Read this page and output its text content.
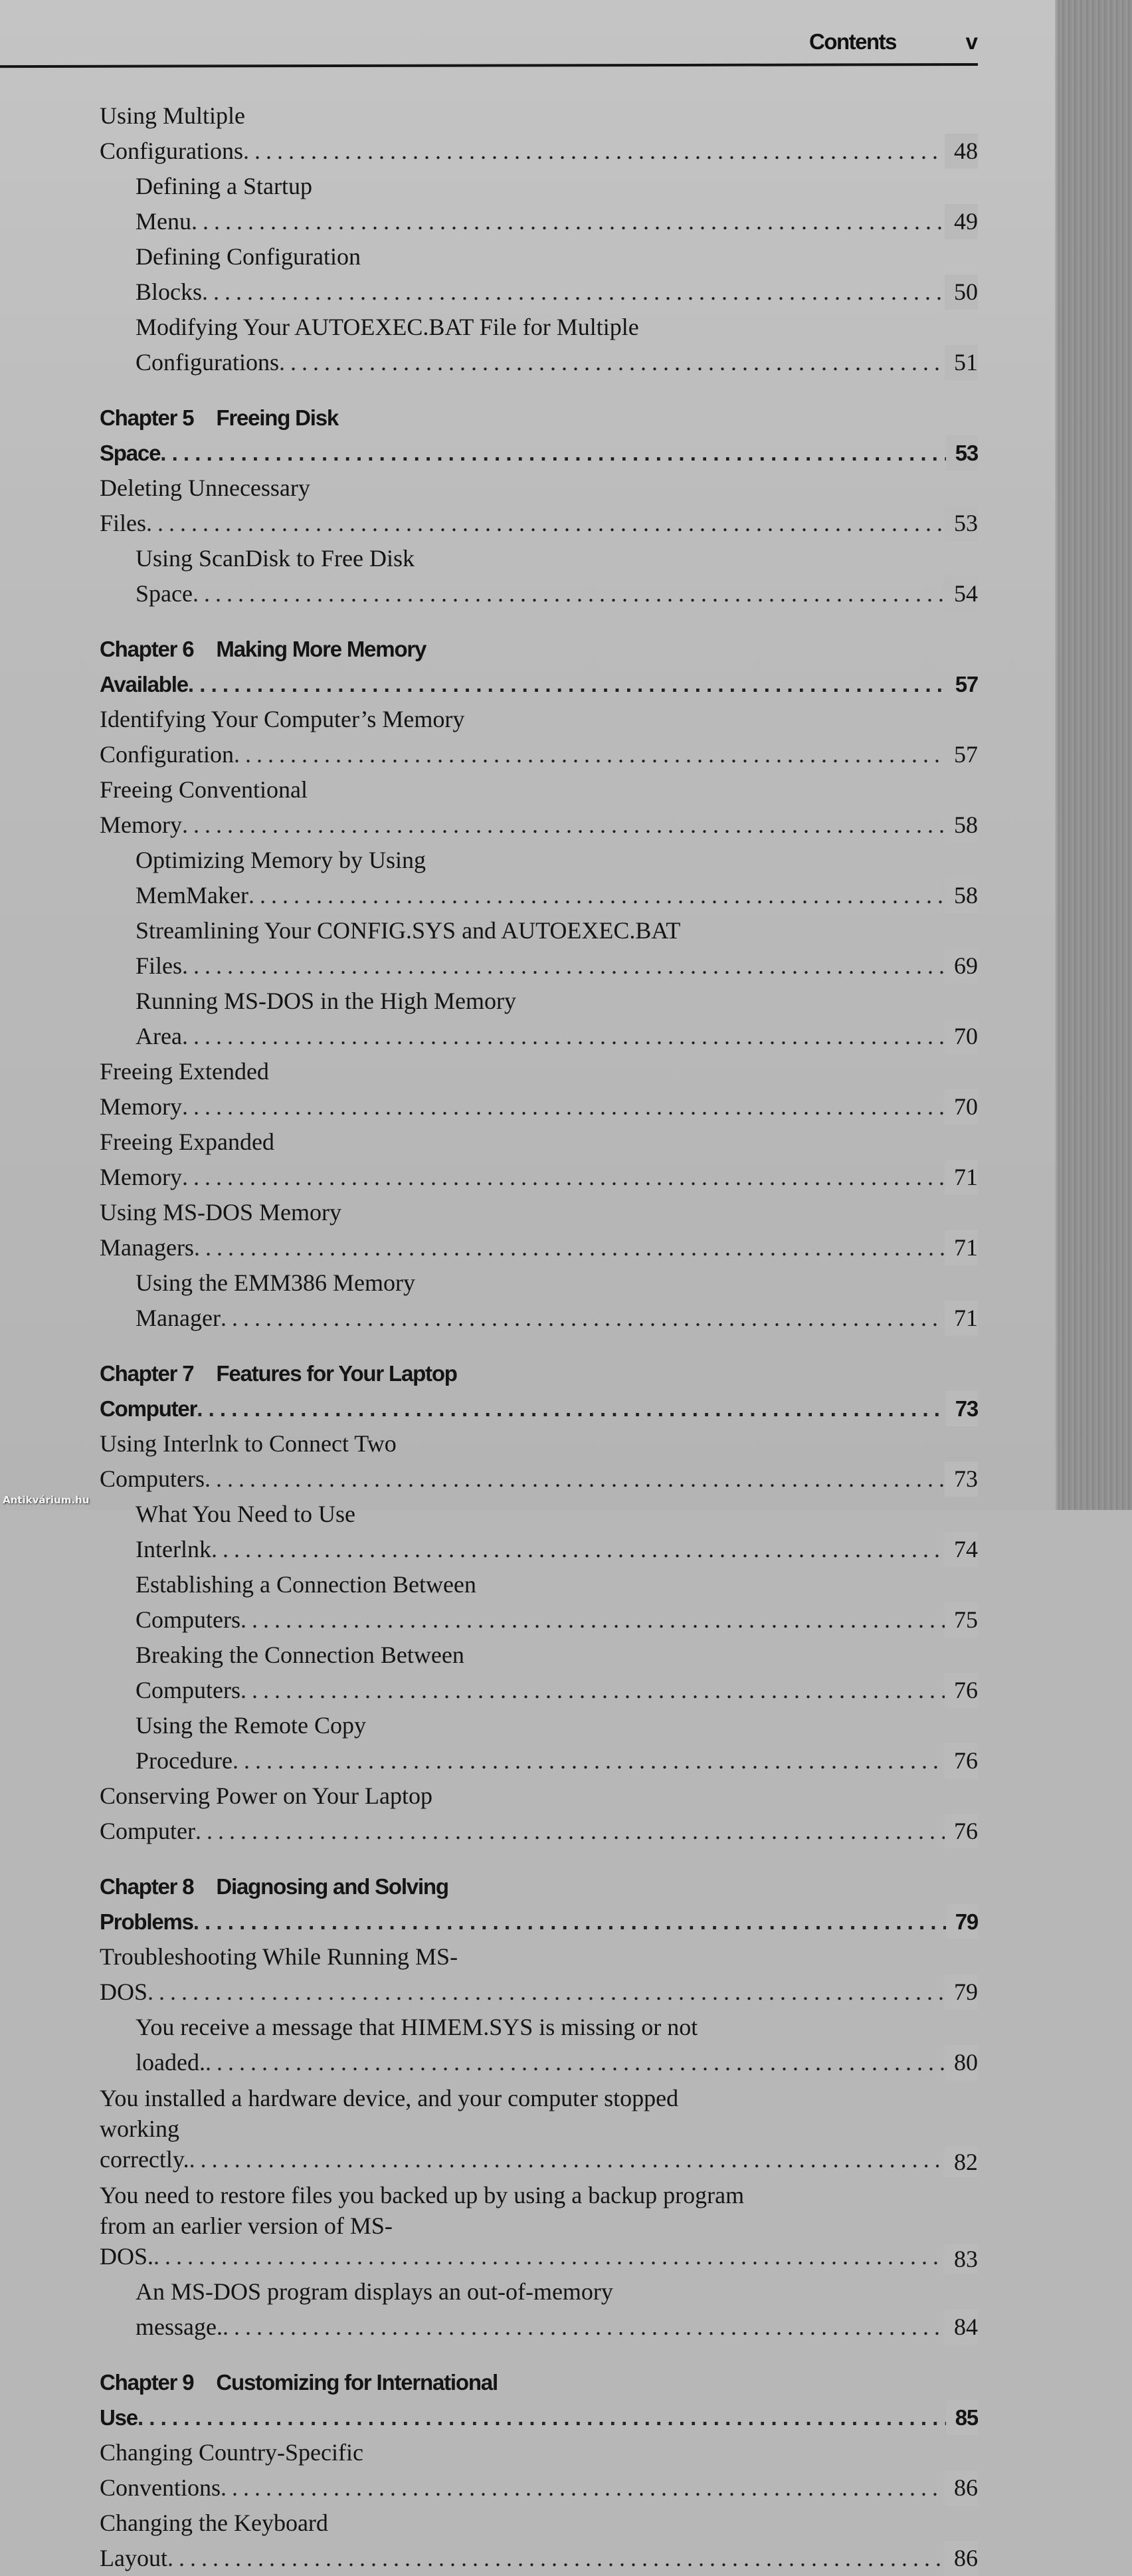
Contents	v
Using Multiple Configurations . . .	48
Defining a Startup Menu . . .	49
Defining Configuration Blocks . . .	50
Modifying Your AUTOEXEC.BAT File for Multiple Configurations . . .	51
Chapter 5 Freeing Disk Space . . .	53
Deleting Unnecessary Files . . .	53
Using ScanDisk to Free Disk Space . . .	54
Chapter 6 Making More Memory Available . . .	57
Identifying Your Computer’s Memory Configuration . . .	57
Freeing Conventional Memory . . .	58
Optimizing Memory by Using MemMaker . . .	58
Streamlining Your CONFIG.SYS and AUTOEXEC.BAT Files . . .	69
Running MS-DOS in the High Memory Area . . .	70
Freeing Extended Memory . . .	70
Freeing Expanded Memory . . .	71
Using MS-DOS Memory Managers . . .	71
Using the EMM386 Memory Manager . . .	71
Chapter 7 Features for Your Laptop Computer . . .	73
Using Interlnk to Connect Two Computers . . .	73
What You Need to Use Interlnk . . .	74
Establishing a Connection Between Computers . . .	75
Breaking the Connection Between Computers . . .	76
Using the Remote Copy Procedure . . .	76
Conserving Power on Your Laptop Computer . . .	76
Chapter 8 Diagnosing and Solving Problems . . .	79
Troubleshooting While Running MS-DOS . . .	79
You receive a message that HIMEM.SYS is missing or not loaded. . . .	80
You installed a hardware device, and your computer stopped
working correctly. . . .	82
You need to restore files you backed up by using a backup program
from an earlier version of MS-DOS. . . .	83
An MS-DOS program displays an out-of-memory message. . . .	84
Chapter 9 Customizing for International Use . . .	85
Changing Country-Specific Conventions . . .	86
Changing the Keyboard Layout . . .	86
Antikvárium.hu
